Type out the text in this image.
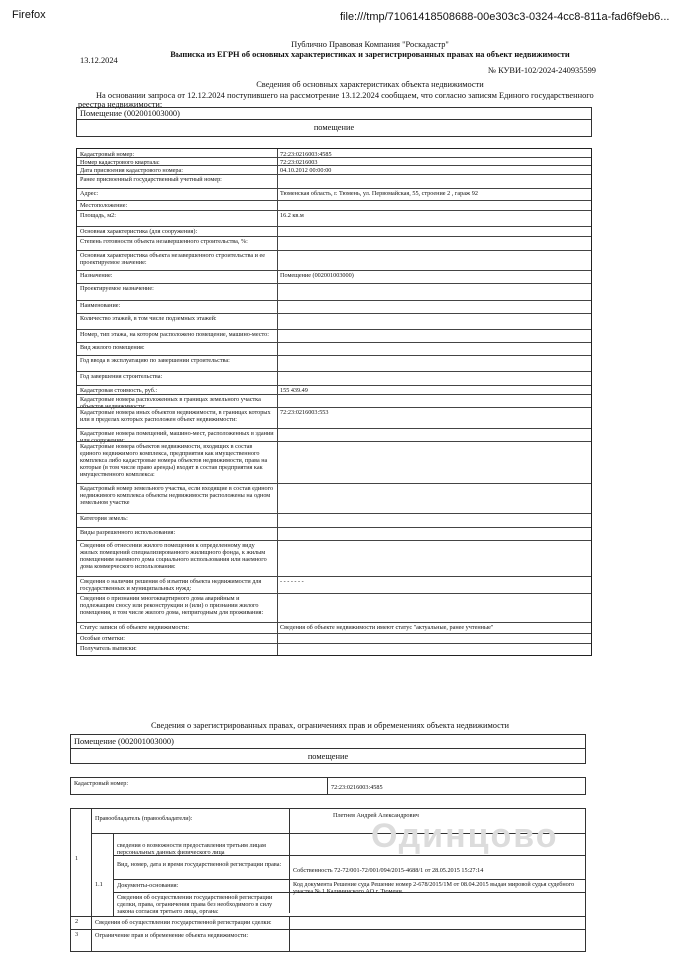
Firefox	file:///tmp/71061418508688-00e303c3-0324-4cc8-811a-fad6f9eb6...
Публично Правовая Компания "Роскадастр"
Выписка из ЕГРН об основных характеристиках и зарегистрированных правах на объект недвижимости
13.12.2024
№ КУВИ-102/2024-240935599
Сведения об основных характеристиках объекта недвижимости
На основании запроса от 12.12.2024 поступившего на рассмотрение 13.12.2024 сообщаем, что согласно записям Единого государственного
реестра недвижимости:
Помещение (002001003000)
помещение
Кадастровый номер:	72:23:0216003:4585
Номер кадастрового квартала:	72:23:0216003
Дата присвоения кадастрового номера:	04.10.2012 00:00:00
Ранее присвоенный государственный учетный номер:
Адрес:	Тюменская область, г. Тюмень, ул. Первомайская, 55, строение 2 , гараж 92
Местоположение:
Площадь, м2:	16.2 кв.м
Основная характеристика (для сооружения):
Степень готовности объекта незавершенного строительства, %:
Основная характеристика объекта незавершенного строительства и ее проектируемое значение:
Назначение:	Помещение (002001003000)
Проектируемое назначение:
Наименование:
Количество этажей, в том числе подземных этажей:
Номер, тип этажа, на котором расположено помещение, машино-место:
Вид жилого помещения:
Год ввода в эксплуатацию по завершении строительства:
Год завершения строительства:
Кадастровая стоимость, руб.:	155 439.49
Кадастровые номера расположенных в границах земельного участка объектов недвижимости:
Кадастровые номера иных объектов недвижимости, в границах которых или в пределах которых расположен объект недвижимости:
72:23:0216003:553
Кадастровые номера помещений, машино-мест, расположенных в здании или сооружении:
Кадастровые номера объектов недвижимости, входящих в состав единого недвижимого комплекса, предприятия как имущественного комплекса либо кадастровые номера объектов недвижимости, права на которые (в том числе право аренды) входят в состав предприятия как имущественного комплекса:
Кадастровый номер земельного участка, если входящие в состав единого недвижимого комплекса объекты недвижимости расположены на одном земельном участке
Категория земель:
Виды разрешенного использования:
Сведения об отнесении жилого помещения к определенному виду жилых помещений специализированного жилищного фонда, к жилым помещениям наемного дома социального использования или наемного дома коммерческого использования:
Сведения о наличии решения об изъятии объекта недвижимости для государственных и муниципальных нужд:
- - - - - - -
Сведения о признании многоквартирного дома аварийным и подлежащим сносу или реконструкции и (или) о признании жилого помещения, в том числе жилого дома, непригодным для проживания:
Статус записи об объекте недвижимости:	Сведения об объекте недвижимости имеют статус "актуальные, ранее учтенные"
Особые отметки:
Получатель выписки:
Сведения о зарегистрированных правах, ограничениях прав и обременениях объекта недвижимости
Помещение (002001003000)
помещение
Кадастровый номер:
72:23:0216003:4585
1
Правообладатель (правообладатели):	Плетнев Андрей Александрович
Одинцово
1.1
сведения о возможности предоставления третьим лицам персональных данных физического лица
Вид, номер, дата и время государственной регистрации права:
Собственность 72-72/001-72/001/094/2015-4688/1 от 28.05.2015 15:27:14
Документы-основания:	Код документа Решение суда Решение номер 2-678/2015/1М от 08.04.2015 выдан мировой судья судебного участка № 1 Калининского АО г. Тюмени.
Сведения об осуществлении государственной регистрации сделки, права, ограничения права без необходимого в силу закона согласия третьего лица, органа:
2	Сведения об осуществлении государственной регистрации сделки:
3	Ограничение прав и обременение объекта недвижимости:
